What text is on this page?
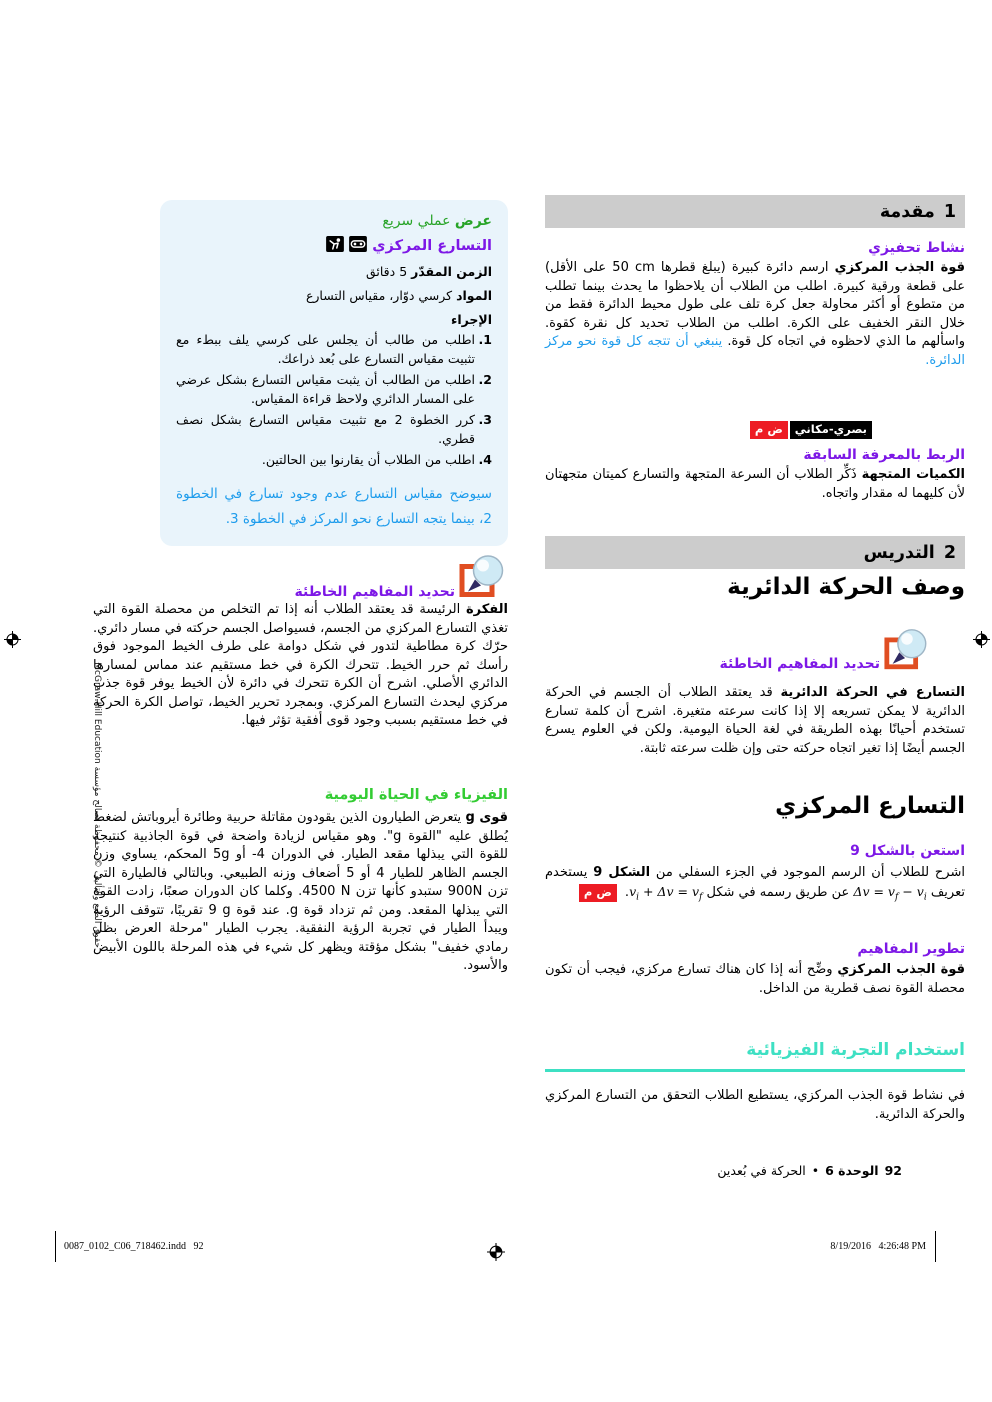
1
مقدمة
نشاط تحفيزي
قوة الجذب المركزي ارسم دائرة كبيرة (يبلغ قطرها ‪50 cm‬ على الأقل) على قطعة ورقية كبيرة. اطلب من الطلاب أن يلاحظوا ما يحدث بينما تطلب من متطوع أو أكثر محاولة جعل كرة تلف على طول محيط الدائرة فقط من خلال النقر الخفيف على الكرة. اطلب من الطلاب تحديد كل نقرة كقوة. واسألهم ما الذي لاحظوه في اتجاه كل قوة. ينبغي أن تتجه كل قوة نحو مركز الدائرة.
بصري-مكاني
ض م
الربط بالمعرفة السابقة
الكميات المتجهة ذَكِّر الطلاب أن السرعة المتجهة والتسارع كميتان متجهتان لأن كليهما له مقدار واتجاه.
2
التدريس
وصف الحركة الدائرية
تحديد المفاهيم الخاطئة
التسارع في الحركة الدائرية قد يعتقد الطلاب أن الجسم في الحركة الدائرية لا يمكن تسريعه إلا إذا كانت سرعته متغيرة. اشرح أن كلمة تسارع تستخدم أحيانًا بهذه الطريقة في لغة الحياة اليومية. ولكن في العلوم يسرع الجسم أيضًا إذا تغير اتجاه حركته حتى وإن ظلت سرعته ثابتة.
التسارع المركزي
استعن بالشكل 9
اشرح للطلاب أن الرسم الموجود في الجزء السفلي من الشكل 9 يستخدم تعريف $\Delta v = v_f - v_i$ عن طريق رسمه في شكل $v_i + \Delta v = v_f$. ض م
تطوير المفاهيم
قوة الجذب المركزي وضِّح أنه إذا كان هناك تسارع مركزي، فيجب أن تكون محصلة القوة نصف قطرية من الداخل.
استخدام التجربة الفيزيائية
في نشاط قوة الجذب المركزي، يستطيع الطلاب التحقق من التسارع المركزي والحركة الدائرية.
عرض عملي سريع
التسارع المركزي
الزمن المقدّر 5 دقائق
المواد كرسي دوّار، مقياس التسارع
الإجراء
1.
اطلب من طالب أن يجلس على كرسي يلف ببطء مع تثبيت مقياس التسارع على بُعد ذراعك.
2.
اطلب من الطالب أن يثبت مقياس التسارع بشكل عرضي على المسار الدائري ولاحظ قراءة المقياس.
3.
كرر الخطوة 2 مع تثبيت مقياس التسارع بشكل نصف قطري.
4.
اطلب من الطلاب أن يقارنوا بين الحالتين.
سيوضح مقياس التسارع عدم وجود تسارع في الخطوة 2، بينما يتجه التسارع نحو المركز في الخطوة 3.
تحديد المفاهيم الخاطئة
الفكرة الرئيسة قد يعتقد الطلاب أنه إذا تم التخلص من محصلة القوة التي تغذي التسارع المركزي من الجسم، فسيواصل الجسم حركته في مسار دائري. حرّك كرة مطاطية لتدور في شكل دوامة على طرف الخيط الموجود فوق رأسك ثم حرر الخيط. تتحرك الكرة في خط مستقيم عند مماس لمسارها الدائري الأصلي. اشرح أن الكرة تتحرك في دائرة لأن الخيط يوفر قوة جذب مركزي ليحدث التسارع المركزي. وبمجرد تحرير الخيط، تواصل الكرة الحركة في خط مستقيم بسبب وجود قوى أفقية تؤثر فيها.
الفيزياء في الحياة اليومية
قوى g يتعرض الطيارون الذين يقودون مقاتلة حربية وطائرة أيروباتش لضغط يُطلق عليه "القوة g". وهو مقياس لزيادة واضحة في قوة الجاذبية كنتيجة للقوة التي يبذلها مقعد الطيار. في الدوران ‪-4‬ أو ‪5g‬ المحكم، يساوي وزن الجسم الظاهر للطيار 4 أو 5 أضعاف وزنه الطبيعي. وبالتالي فالطيارة التي تزن ‪900N‬ ستبدو كأنها تزن ‪4500 N‬. وكلما كان الدوران صعبًا، زادت القوة التي يبذلها المقعد. ومن ثم تزداد قوة g. عند قوة ‪9 g‬ تقريبًا، تتوقف الرؤية ويبدأ الطيار في تجربة الرؤية النفقية. يجرب الطيار "مرحلة العرض بظل رمادي خفيف" بشكل مؤقتة ويظهر كل شيء في هذه المرحلة باللون الأبيض والأسود.
92
الوحدة 6
•
الحركة في بُعدين
حقوق الطبع والتأليف © محفوظة لصالح مؤسسة McGraw-Hill Education
0087_0102_C06_718462.indd   92	8/19/2016   4:26:48 PM
